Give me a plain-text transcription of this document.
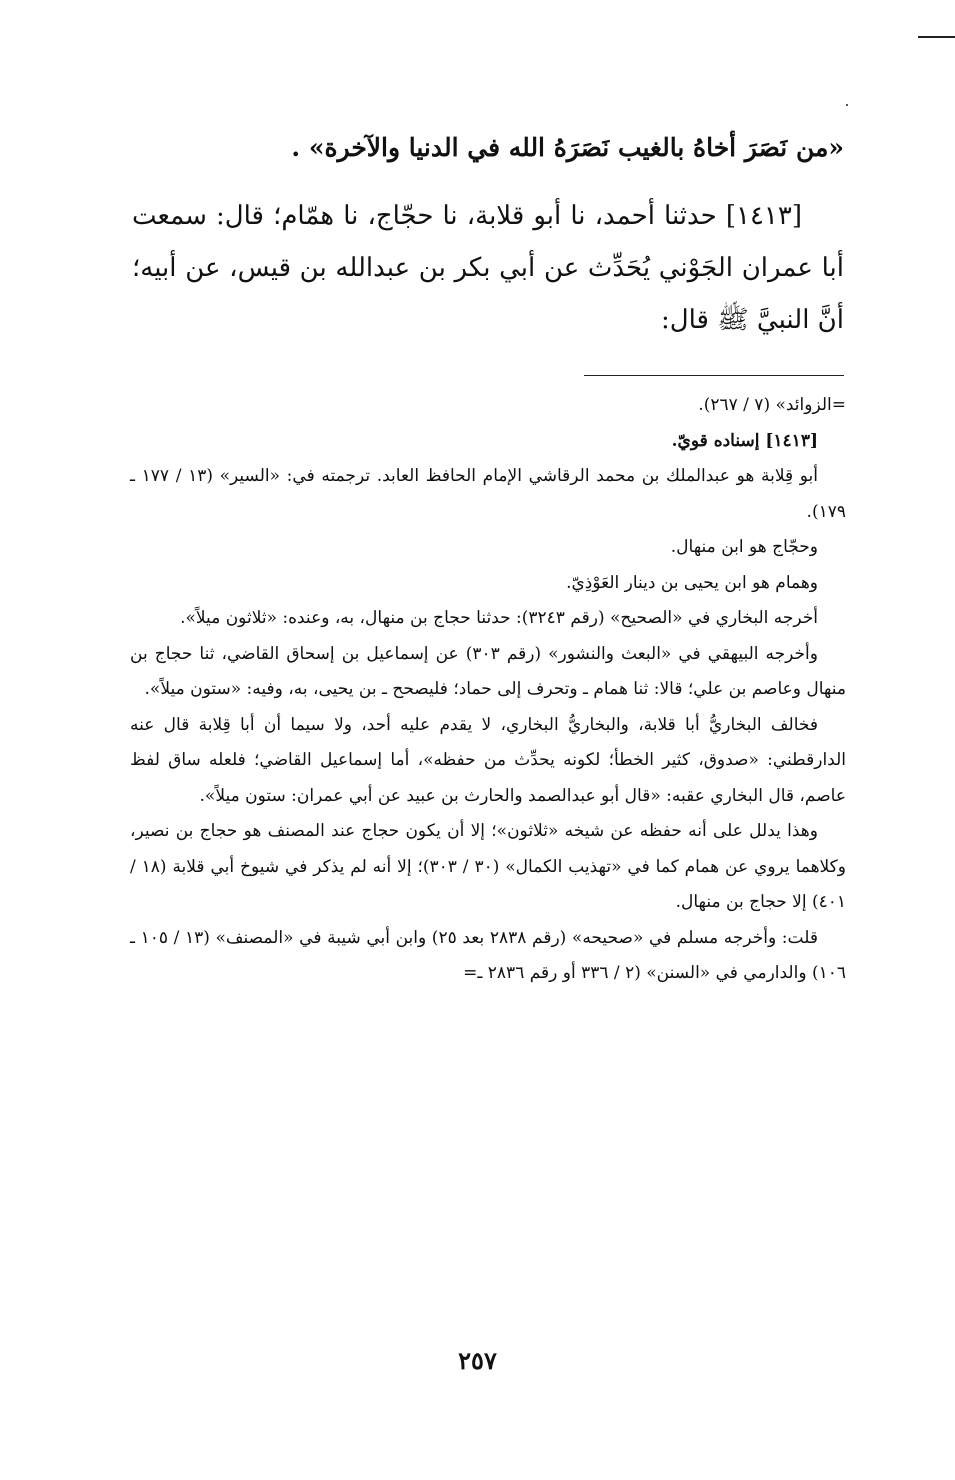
«من نَصَرَ أخاهُ بالغيب نَصَرَهُ الله في الدنيا والآخرة» .

[١٤١٣] حدثنا أحمد، نا أبو قلابة، نا حجّاج، نا همّام؛ قال: سمعت أبا عمران الجَوْني يُحَدِّث عن أبي بكر بن عبدالله بن قيس، عن أبيه؛ أنَّ النبيَّ ﷺ قال:

=الزوائد» (٧ / ٢٦٧).

[١٤١٣] إسناده قويّ.

أبو قِلابة هو عبدالملك بن محمد الرقاشي الإمام الحافظ العابد. ترجمته في: «السير» (١٣ / ١٧٧ ـ ١٧٩).

وحجّاج هو ابن منهال.

وهمام هو ابن يحيى بن دينار العَوْذِيّ.

أخرجه البخاري في «الصحيح» (رقم ٣٢٤٣): حدثنا حجاج بن منهال، به، وعنده: «ثلاثون ميلاً».

وأخرجه البيهقي في «البعث والنشور» (رقم ٣٠٣) عن إسماعيل بن إسحاق القاضي، ثنا حجاج بن منهال وعاصم بن علي؛ قالا: ثنا همام ـ وتحرف إلى حماد؛ فليصحح ـ بن يحيى، به، وفيه: «ستون ميلاً».

فخالف البخاريُّ أبا قلابة، والبخاريُّ البخاري، لا يقدم عليه أحد، ولا سيما أن أبا قِلابة قال عنه الدارقطني: «صدوق، كثير الخطأ؛ لكونه يحدِّث من حفظه»، أما إسماعيل القاضي؛ فلعله ساق لفظ عاصم، قال البخاري عقبه: «قال أبو عبدالصمد والحارث بن عبيد عن أبي عمران: ستون ميلاً».

وهذا يدلل على أنه حفظه عن شيخه «ثلاثون»؛ إلا أن يكون حجاج عند المصنف هو حجاج بن نصير، وكلاهما يروي عن همام كما في «تهذيب الكمال» (٣٠ / ٣٠٣)؛ إلا أنه لم يذكر في شيوخ أبي قلابة (١٨ / ٤٠١) إلا حجاج بن منهال.

قلت: وأخرجه مسلم في «صحيحه» (رقم ٢٨٣٨ بعد ٢٥) وابن أبي شيبة في «المصنف» (١٣ / ١٠٥ ـ ١٠٦) والدارمي في «السنن» (٢ / ٣٣٦ أو رقم ٢٨٣٦ ـ=

٢٥٧
